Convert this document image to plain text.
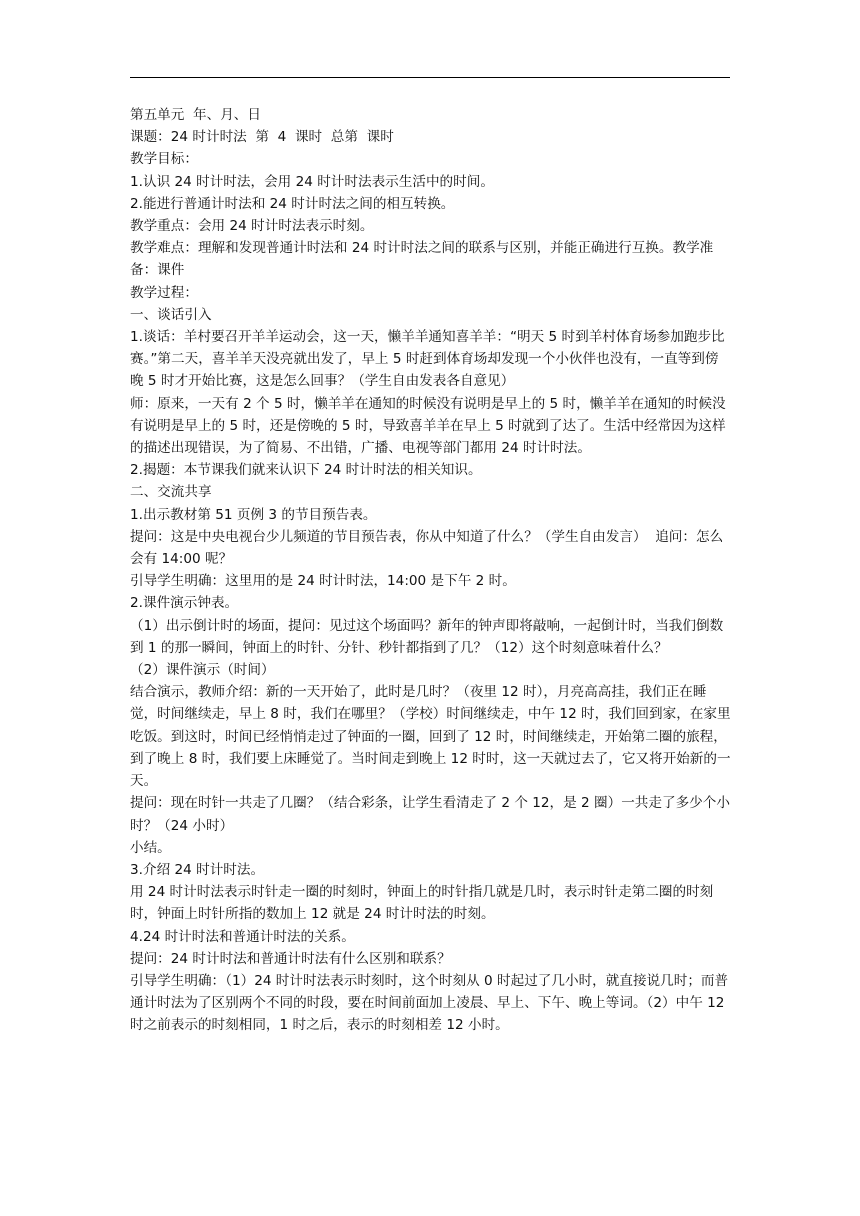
第五单元  年、月、日

课题：24 时计时法  第  4  课时  总第  课时

教学目标：

1.认识 24 时计时法，会用 24 时计时法表示生活中的时间。

2.能进行普通计时法和 24 时计时法之间的相互转换。

教学重点：会用 24 时计时法表示时刻。

教学难点：理解和发现普通计时法和 24 时计时法之间的联系与区别，并能正确进行互换。教学准备：课件

教学过程：

一、谈话引入

1.谈话：羊村要召开羊羊运动会，这一天，懒羊羊通知喜羊羊：“明天 5 时到羊村体育场参加跑步比赛。”第二天，喜羊羊天没亮就出发了，早上 5 时赶到体育场却发现一个小伙伴也没有，一直等到傍晚 5 时才开始比赛，这是怎么回事？（学生自由发表各自意见）

师：原来，一天有 2 个 5 时，懒羊羊在通知的时候没有说明是早上的 5 时，懒羊羊在通知的时候没有说明是早上的 5 时，还是傍晚的 5 时，导致喜羊羊在早上 5 时就到了达了。生活中经常因为这样的描述出现错误，为了简易、不出错，广播、电视等部门都用 24 时计时法。

2.揭题：本节课我们就来认识下 24 时计时法的相关知识。

二、交流共享

1.出示教材第 51 页例 3 的节目预告表。

提问：这是中央电视台少儿频道的节目预告表，你从中知道了什么？（学生自由发言）  追问：怎么会有 14:00 呢？

引导学生明确：这里用的是 24 时计时法，14:00 是下午 2 时。

2.课件演示钟表。

（1）出示倒计时的场面，提问：见过这个场面吗？新年的钟声即将敲响，一起倒计时，当我们倒数到 1 的那一瞬间，钟面上的时针、分针、秒针都指到了几？（12）这个时刻意味着什么？

（2）课件演示（时间）

结合演示，教师介绍：新的一天开始了，此时是几时？（夜里 12 时），月亮高高挂，我们正在睡觉，时间继续走，早上 8 时，我们在哪里？（学校）时间继续走，中午 12 时，我们回到家，在家里吃饭。到这时，时间已经悄悄走过了钟面的一圈，回到了 12 时，时间继续走，开始第二圈的旅程，到了晚上 8 时，我们要上床睡觉了。当时间走到晚上 12 时时，这一天就过去了，它又将开始新的一天。

提问：现在时针一共走了几圈？（结合彩条，让学生看清走了 2 个 12，是 2 圈）一共走了多少个小时？（24 小时）

小结。

3.介绍 24 时计时法。

用 24 时计时法表示时针走一圈的时刻时，钟面上的时针指几就是几时，表示时针走第二圈的时刻时，钟面上时针所指的数加上 12 就是 24 时计时法的时刻。

4.24 时计时法和普通计时法的关系。

提问：24 时计时法和普通计时法有什么区别和联系？

引导学生明确：（1）24 时计时法表示时刻时，这个时刻从 0 时起过了几小时，就直接说几时；而普通计时法为了区别两个不同的时段，要在时间前面加上凌晨、早上、下午、晚上等词。（2）中午 12 时之前表示的时刻相同，1 时之后，表示的时刻相差 12 小时。
